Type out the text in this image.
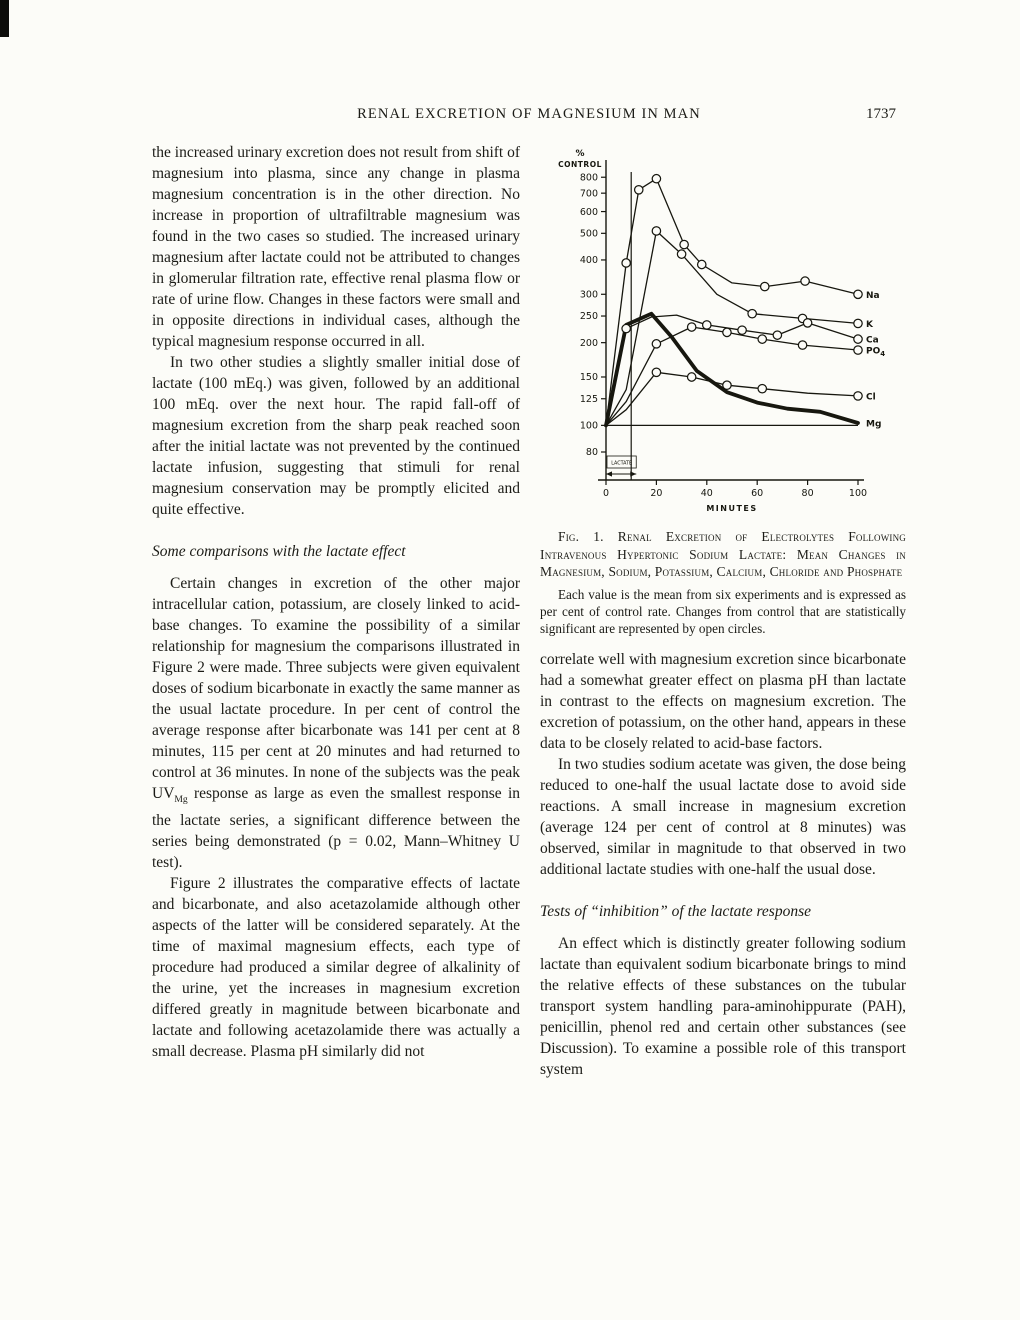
RENAL EXCRETION OF MAGNESIUM IN MAN	1737

the increased urinary excretion does not result from shift of magnesium into plasma, since any change in plasma magnesium concentration is in the other direction. No increase in proportion of ultrafiltrable magnesium was found in the two cases so studied. The increased urinary magnesium after lactate could not be attributed to changes in glomerular filtration rate, effective renal plasma flow or rate of urine flow. Changes in these factors were small and in opposite directions in individual cases, although the typical magnesium response occurred in all.

In two other studies a slightly smaller initial dose of lactate (100 mEq.) was given, followed by an additional 100 mEq. over the next hour. The rapid fall-off of magnesium excretion from the sharp peak reached soon after the initial lactate was not prevented by the continued lactate infusion, suggesting that stimuli for renal magnesium conservation may be promptly elicited and quite effective.

Some comparisons with the lactate effect

Certain changes in excretion of the other major intracellular cation, potassium, are closely linked to acid-base changes. To examine the possibility of a similar relationship for magnesium the comparisons illustrated in Figure 2 were made. Three subjects were given equivalent doses of sodium bicarbonate in exactly the same manner as the usual lactate procedure. In per cent of control the average response after bicarbonate was 141 per cent at 8 minutes, 115 per cent at 20 minutes and had returned to control at 36 minutes. In none of the subjects was the peak $UV_{Mg}$ response as large as even the smallest response in the lactate series, a significant difference between the series being demonstrated (p = 0.02, Mann–Whitney U test).

Figure 2 illustrates the comparative effects of lactate and bicarbonate, and also acetazolamide although other aspects of the latter will be considered separately. At the time of maximal magnesium effects, each type of procedure had produced a similar degree of alkalinity of the urine, yet the increases in magnesium excretion differed greatly in magnitude between bicarbonate and lactate and following acetazolamide there was actually a small decrease. Plasma pH similarly did not

800
700
600
500
400
300
250
200
150
125
100
80
0	20	40	60	80	100
%
CONTROL
MINUTES
LACTATE
Na
K
Ca
$PO_4$
Cl
Mg

Fig. 1. Renal Excretion of Electrolytes Following Intravenous Hypertonic Sodium Lactate: Mean Changes in Magnesium, Sodium, Potassium, Calcium, Chloride and Phosphate

Each value is the mean from six experiments and is expressed as per cent of control rate. Changes from control that are statistically significant are represented by open circles.

correlate well with magnesium excretion since bicarbonate had a somewhat greater effect on plasma pH than lactate in contrast to the effects on magnesium excretion. The excretion of potassium, on the other hand, appears in these data to be closely related to acid-base factors.

In two studies sodium acetate was given, the dose being reduced to one-half the usual lactate dose to avoid side reactions. A small increase in magnesium excretion (average 124 per cent of control at 8 minutes) was observed, similar in magnitude to that observed in two additional lactate studies with one-half the usual dose.

Tests of “inhibition” of the lactate response

An effect which is distinctly greater following sodium lactate than equivalent sodium bicarbonate brings to mind the relative effects of these substances on the tubular transport system handling para-aminohippurate (PAH), penicillin, phenol red and certain other substances (see Discussion). To examine a possible role of this transport system
